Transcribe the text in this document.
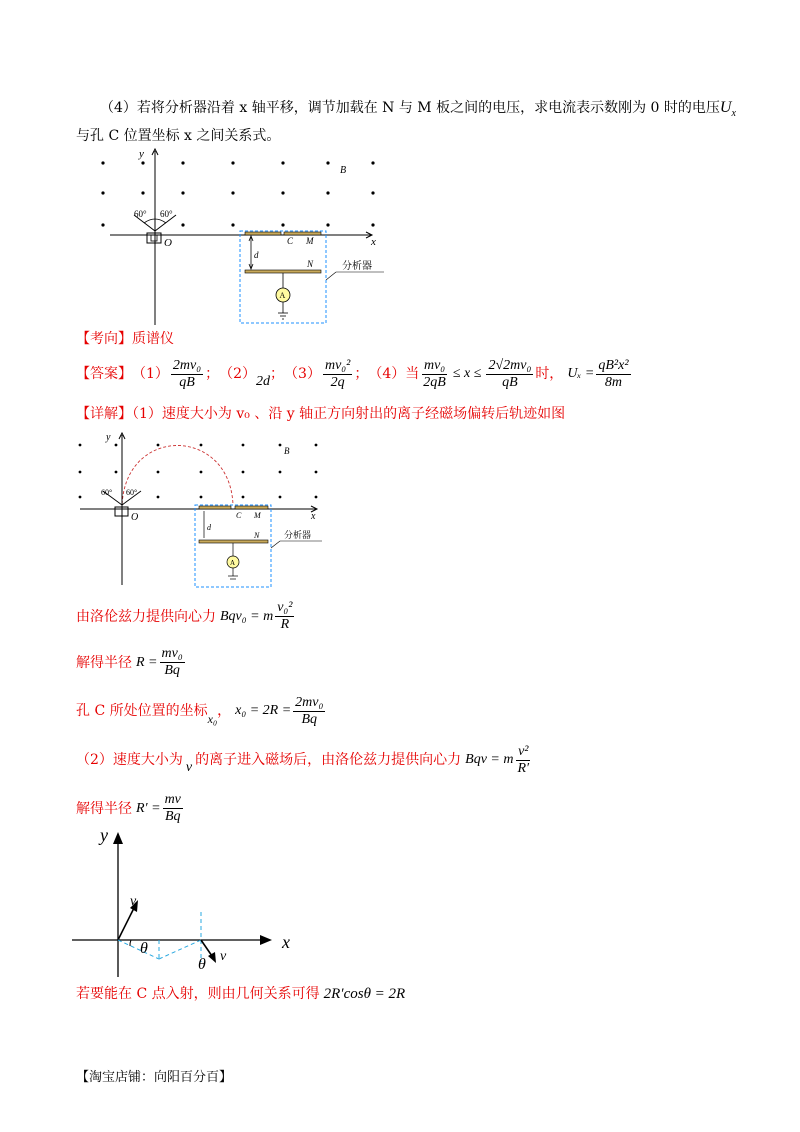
（4）若将分析器沿着 x 轴平移，调节加载在 N 与 M 板之间的电压，求电流表示数刚为 0 时的电压$U_x$
与孔 C 位置坐标 x 之间关系式。
y
x
O
B
60° 60°
C M
N
d
A
分析器
【考向】质谱仪
【答案】 $(1) \frac{\text{2mv₀}}{qB}$ ； （2） 2d ； $(3) \frac{\text{mv₀²}}{2q}$ ； （4）当 $\frac{\text{mv₀}}{2qB} \le x \le \frac{\text{2√2mv₀}}{qB}$ 时， $U_x = \frac{\text{qB²x²}}{8m}$
【详解】（1）速度大小为 v₀ 、沿 y 轴正方向射出的离子经磁场偏转后轨迹如图
y
x
O
B
60° 60°
C M
N
d
A
分析器
由洛伦兹力提供向心力 Bqv₀ = m $\frac{\text{v₀²}}{R}$
解得半径 $R = \frac{\text{mv₀}}{Bq}$
孔 C 所处位置的坐标 x₀ ， $x_0 = 2R = \frac{\text{2mv₀}}{Bq}$
（2）速度大小为 v 的离子进入磁场后，由洛伦兹力提供向心力 Bqv = m $\frac{\text{v²}}{R'}$
解得半径 $R' = \frac{mv}{Bq}$
y
x
v
θ
θ v
若要能在 C 点入射，则由几何关系可得 2R′cosθ = 2R
【淘宝店铺：向阳百分百】
